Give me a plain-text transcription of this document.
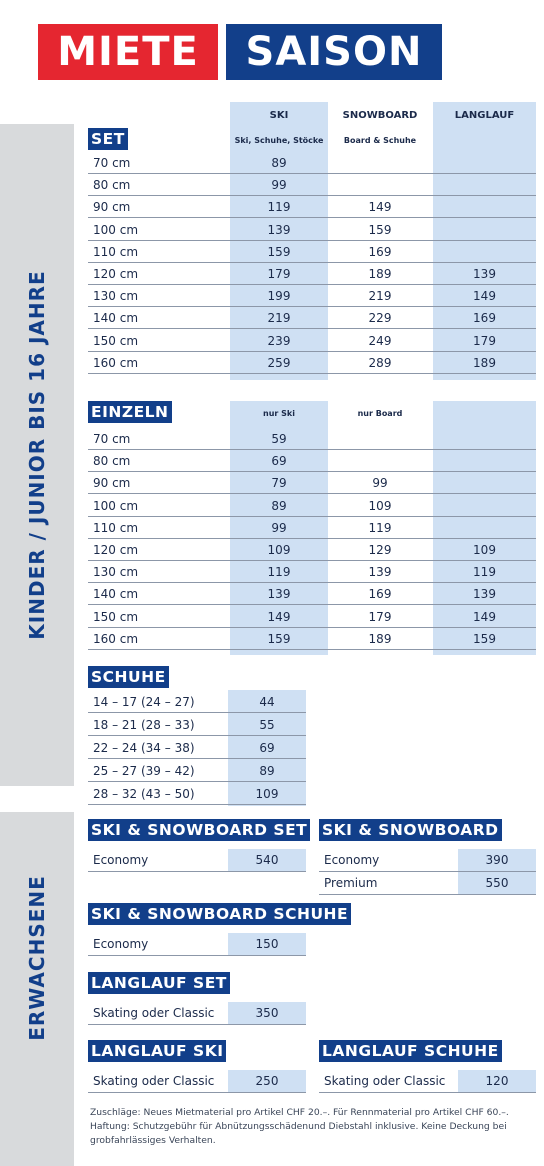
MIETE	SAISON
KINDER / JUNIOR BIS 16 JAHRE
ERWACHSENE
SKI	SNOWBOARD	LANGLAUF
Ski, Schuhe, Stöcke	Board & Schuhe
nur Ski	nur Board
SET
70 cm	89
80 cm	99
90 cm	119	149
100 cm	139	159
110 cm	159	169
120 cm	179	189	139
130 cm	199	219	149
140 cm	219	229	169
150 cm	239	249	179
160 cm	259	289	189
EINZELN
70 cm	59
80 cm	69
90 cm	79	99
100 cm	89	109
110 cm	99	119
120 cm	109	129	109
130 cm	119	139	119
140 cm	139	169	139
150 cm	149	179	149
160 cm	159	189	159
SCHUHE
14 – 17 (24 – 27)	44
18 – 21 (28 – 33)	55
22 – 24 (34 – 38)	69
25 – 27 (39 – 42)	89
28 – 32 (43 – 50)	109
SKI & SNOWBOARD SET
Economy	540
SKI & SNOWBOARD
Economy	390
Premium	550
SKI & SNOWBOARD SCHUHE
Economy	150
LANGLAUF SET
Skating oder Classic	350
LANGLAUF SKI
Skating oder Classic	250
LANGLAUF SCHUHE
Skating oder Classic	120
Zuschläge: Neues Mietmaterial pro Artikel CHF 20.–. Für Rennmaterial pro Artikel CHF 60.–.
Haftung: Schutzgebühr für Abnützungsschädenund Diebstahl inklusive. Keine Deckung bei grobfahrlässiges Verhalten.
